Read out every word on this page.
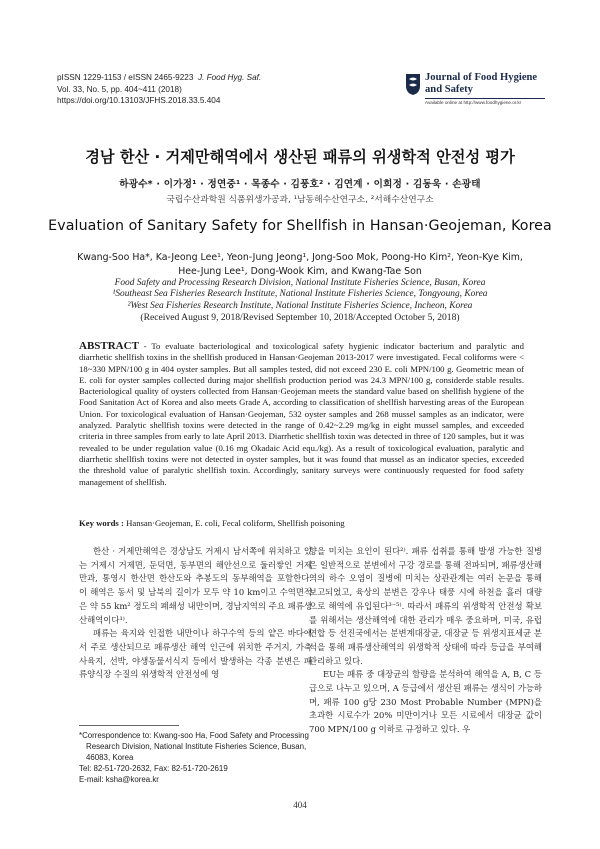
pISSN 1229-1153 / eISSN 2465-9223 J. Food Hyg. Saf.
Vol. 33, No. 5, pp. 404~411 (2018)
https://doi.org/10.13103/JFHS.2018.33.5.404
Journal of Food Hygiene
and Safety
Available online at http://www.foodhygiene.or.kr
경남 한산 · 거제만해역에서 생산된 패류의 위생학적 안전성 평가
하광수* · 이가정¹ · 정연중¹ · 목종수 · 김풍호² · 김연계 · 이희정 · 김동욱 · 손광태
국립수산과학원 식품위생가공과, ¹남동해수산연구소, ²서해수산연구소
Evaluation of Sanitary Safety for Shellfish in Hansan·Geojeman, Korea
Kwang-Soo Ha*, Ka-Jeong Lee¹, Yeon-Jung Jeong¹, Jong-Soo Mok, Poong-Ho Kim², Yeon-Kye Kim,
Hee-Jung Lee¹, Dong-Wook Kim, and Kwang-Tae Son
Food Safety and Processing Research Division, National Institute Fisheries Science, Busan, Korea
¹Southeast Sea Fisheries Research Institute, National Institute Fisheries Science, Tongyoung, Korea
²West Sea Fisheries Research Institute, National Institute Fisheries Science, Incheon, Korea
(Received August 9, 2018/Revised September 10, 2018/Accepted October 5, 2018)
ABSTRACT - To evaluate bacteriological and toxicological safety hygienic indicator bacterium and paralytic and diarrhetic shellfish toxins in the shellfish produced in Hansan·Geojeman 2013-2017 were investigated. Fecal coliforms were < 18~330 MPN/100 g in 404 oyster samples. But all samples tested, did not exceed 230 E. coli MPN/100 g. Geometric mean of E. coli for oyster samples collected during major shellfish production period was 24.3 MPN/100 g, considerde stable results. Bacteriological quality of oysters collected from Hansan·Geojeman meets the standard value based on shellfish hygiene of the Food Sanitation Act of Korea and also meets Grade A, according to classification of shellfish harvesting areas of the European Union. For toxicological evaluation of Hansan·Geojeman, 532 oyster samples and 268 mussel samples as an indicator, were analyzed. Paralytic shellfish toxins were detected in the range of 0.42~2.29 mg/kg in eight mussel samples, and exceeded criteria in three samples from early to late April 2013. Diarrhetic shellfish toxin was detected in three of 120 samples, but it was revealed to be under regulation value (0.16 mg Okadaic Acid equ./kg). As a result of toxicological evaluation, paralytic and diarrhetic shellfish toxins were not detected in oyster samples, but it was found that mussel as an indicator species, exceeded the threshold value of paralytic shellfish toxin. Accordingly, sanitary surveys were continuously requested for food safety management of shellfish.
Key words : Hansan·Geojeman, E. coli, Fecal coliform, Shellfish poisoning

한산 · 거제만해역은 경상남도 거제시 남서쪽에 위치하고 있는 거제시 거제면, 둔덕면, 동부면의 해안선으로 둘러쌓인 거제만과, 통영시 한산면 한산도와 추봉도의 동부해역을 포함한다. 이 해역은 동서 및 남북의 길이가 모두 약 10 km이고 수역면적은 약 55 km² 정도의 폐쇄성 내만이며, 경남지역의 주요 패류생산해역이다¹⁾.

패류는 육지와 인접한 내만이나 하구수역 등의 얕은 바다에서 주로 생산되므로 패류생산 해역 인근에 위치한 주거지, 가축 사육지, 선박, 야생동물서식지 등에서 발생하는 각종 분변은 패류양식장 수질의 위생학적 안전성에 영

향을 미치는 요인이 된다²⁾. 패류 섭취를 통해 발생 가능한 질병은 일반적으로 분변에서 구강 경로를 통해 전파되며, 패류생산해역의 하수 오염이 질병에 미치는 상관관계는 여러 논문을 통해 보고되었고, 육상의 분변은 강우나 태풍 시에 하천을 흘러 대량으로 해역에 유입된다³⁻⁵⁾. 따라서 패류의 위생학적 안전성 확보를 위해서는 생산해역에 대한 관리가 매우 중요하며, 미국, 유럽연합 등 선진국에서는 분변계대장균, 대장균 등 위생지표세균 분석을 통해 패류생산해역의 위생학적 상태에 따라 등급을 부여해 관리하고 있다.

EU는 패류 중 대장균의 함량을 분석하여 해역을 A, B, C 등급으로 나누고 있으며, A 등급에서 생산된 패류는 생식이 가능하며, 패류 100 g당 230 Most Probable Number (MPN)을 초과한 시료수가 20% 미만이거나 모든 시료에서 대장균 값이 700 MPN/100 g 이하로 규정하고 있다. 우

*Correspondence to: Kwang-soo Ha, Food Safety and Processing
Research Division, National Institute Fisheries Science, Busan,
46083, Korea
Tel: 82-51-720-2632, Fax: 82-51-720-2619
E-mail: ksha@korea.kr
404
